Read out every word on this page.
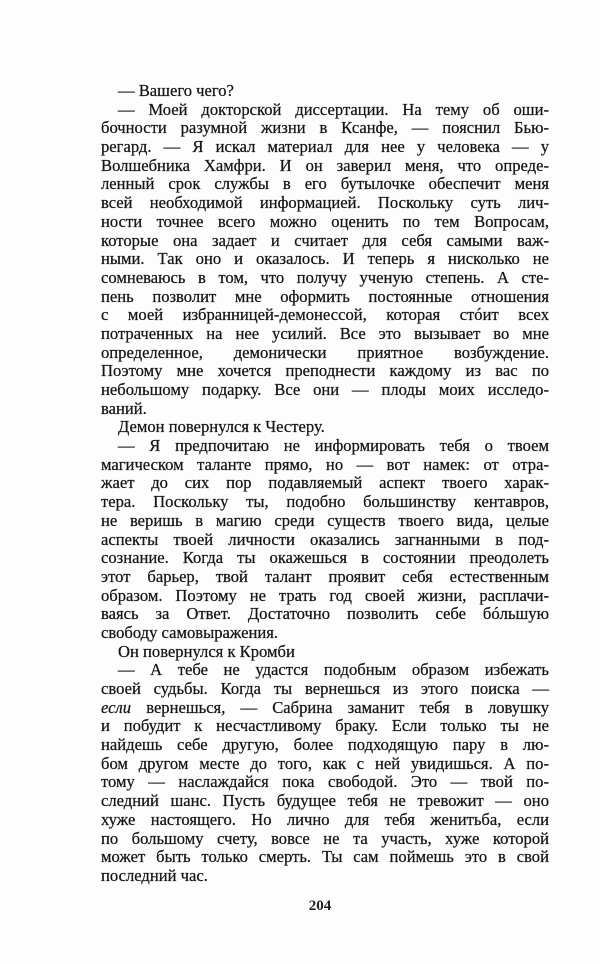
— Вашего чего?
— Моей докторской диссертации. На тему об оши-
бочности разумной жизни в Ксанфе, — пояснил Бью-
регард. — Я искал материал для нее у человека — у
Волшебника Хамфри. И он заверил меня, что опреде-
ленный срок службы в его бутылочке обеспечит меня
всей необходимой информацией. Поскольку суть лич-
ности точнее всего можно оценить по тем Вопросам,
которые она задает и считает для себя самыми важ-
ными. Так оно и оказалось. И теперь я нисколько не
сомневаюсь в том, что получу ученую степень. А сте-
пень позволит мне оформить постоянные отношения
с моей избранницей-демонессой, которая стóит всех
потраченных на нее усилий. Все это вызывает во мне
определенное, демонически приятное возбуждение.
Поэтому мне хочется преподнести каждому из вас по
небольшому подарку. Все они — плоды моих исследо-
ваний.
Демон повернулся к Честеру.
— Я предпочитаю не информировать тебя о твоем
магическом таланте прямо, но — вот намек: от отра-
жает до сих пор подавляемый аспект твоего харак-
тера. Поскольку ты, подобно большинству кентавров,
не веришь в магию среди существ твоего вида, целые
аспекты твоей личности оказались загнанными в под-
сознание. Когда ты окажешься в состоянии преодолеть
этот барьер, твой талант проявит себя естественным
образом. Поэтому не трать год своей жизни, расплачи-
ваясь за Ответ. Достаточно позволить себе бóльшую
свободу самовыражения.
Он повернулся к Кромби
— А тебе не удастся подобным образом избежать
своей судьбы. Когда ты вернешься из этого поиска —
если вернешься, — Сабрина заманит тебя в ловушку
и побудит к несчастливому браку. Если только ты не
найдешь себе другую, более подходящую пару в лю-
бом другом месте до того, как с ней увидишься. А по-
тому — наслаждайся пока свободой. Это — твой по-
следний шанс. Пусть будущее тебя не тревожит — оно
хуже настоящего. Но лично для тебя женитьба, если
по большому счету, вовсе не та участь, хуже которой
может быть только смерть. Ты сам поймешь это в свой
последний час.
204
